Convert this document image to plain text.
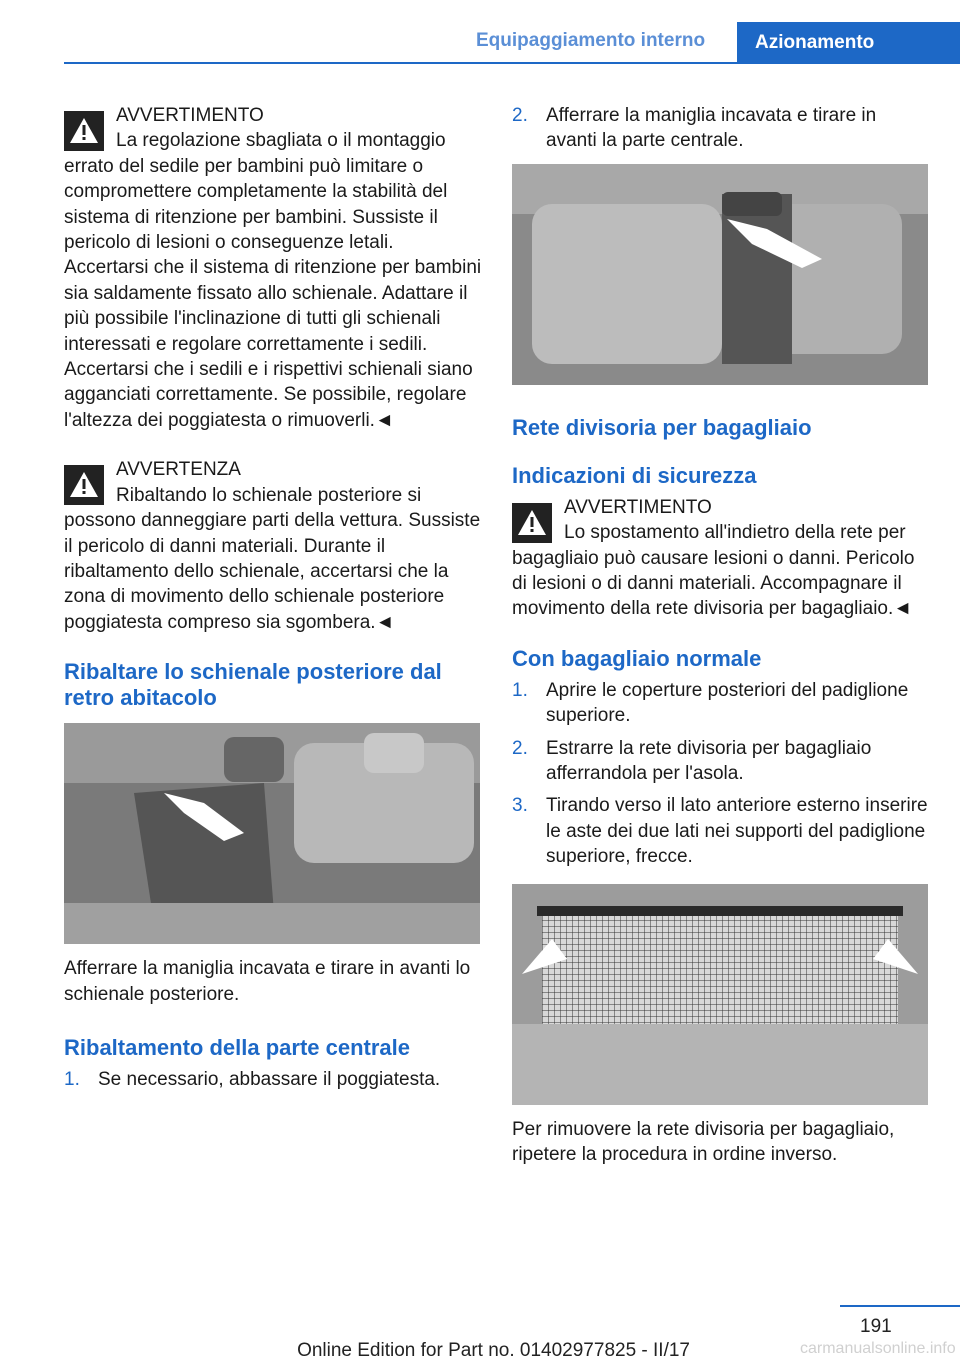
Equipaggiamento interno	Azionamento

AVVERTIMENTO

La regolazione sbagliata o il montaggio errato del sedile per bambini può limitare o compromettere completamente la stabilità del sistema di ritenzione per bambini. Sussiste il pericolo di lesioni o conseguenze letali. Accertarsi che il sistema di ritenzione per bambini sia saldamente fissato allo schienale. Adattare il più possibile l'inclinazione di tutti gli schienali interessati e regolare correttamente i sedili. Accertarsi che i sedili e i rispettivi schienali siano agganciati correttamente. Se possibile, regolare l'altezza dei poggiatesta o rimuoverli.◄

AVVERTENZA

Ribaltando lo schienale posteriore si possono danneggiare parti della vettura. Sussiste il pericolo di danni materiali. Durante il ribaltamento dello schienale, accertarsi che la zona di movimento dello schienale posteriore poggiatesta compreso sia sgombera.◄

Ribaltare lo schienale posteriore dal retro abitacolo

Afferrare la maniglia incavata e tirare in avanti lo schienale posteriore.

Ribaltamento della parte centrale
1. Se necessario, abbassare il poggiatesta.
2. Afferrare la maniglia incavata e tirare in avanti la parte centrale.
Rete divisoria per bagagliaio
Indicazioni di sicurezza

AVVERTIMENTO

Lo spostamento all'indietro della rete per bagagliaio può causare lesioni o danni. Pericolo di lesioni o di danni materiali. Accompagnare il movimento della rete divisoria per bagagliaio.◄

Con bagagliaio normale
1. Aprire le coperture posteriori del padiglione superiore.
2. Estrarre la rete divisoria per bagagliaio afferrandola per l'asola.
3. Tirando verso il lato anteriore esterno inserire le aste dei due lati nei supporti del padiglione superiore, frecce.

Per rimuovere la rete divisoria per bagagliaio, ripetere la procedura in ordine inverso.

191
Online Edition for Part no. 01402977825 - II/17	carmanualsonline.info
